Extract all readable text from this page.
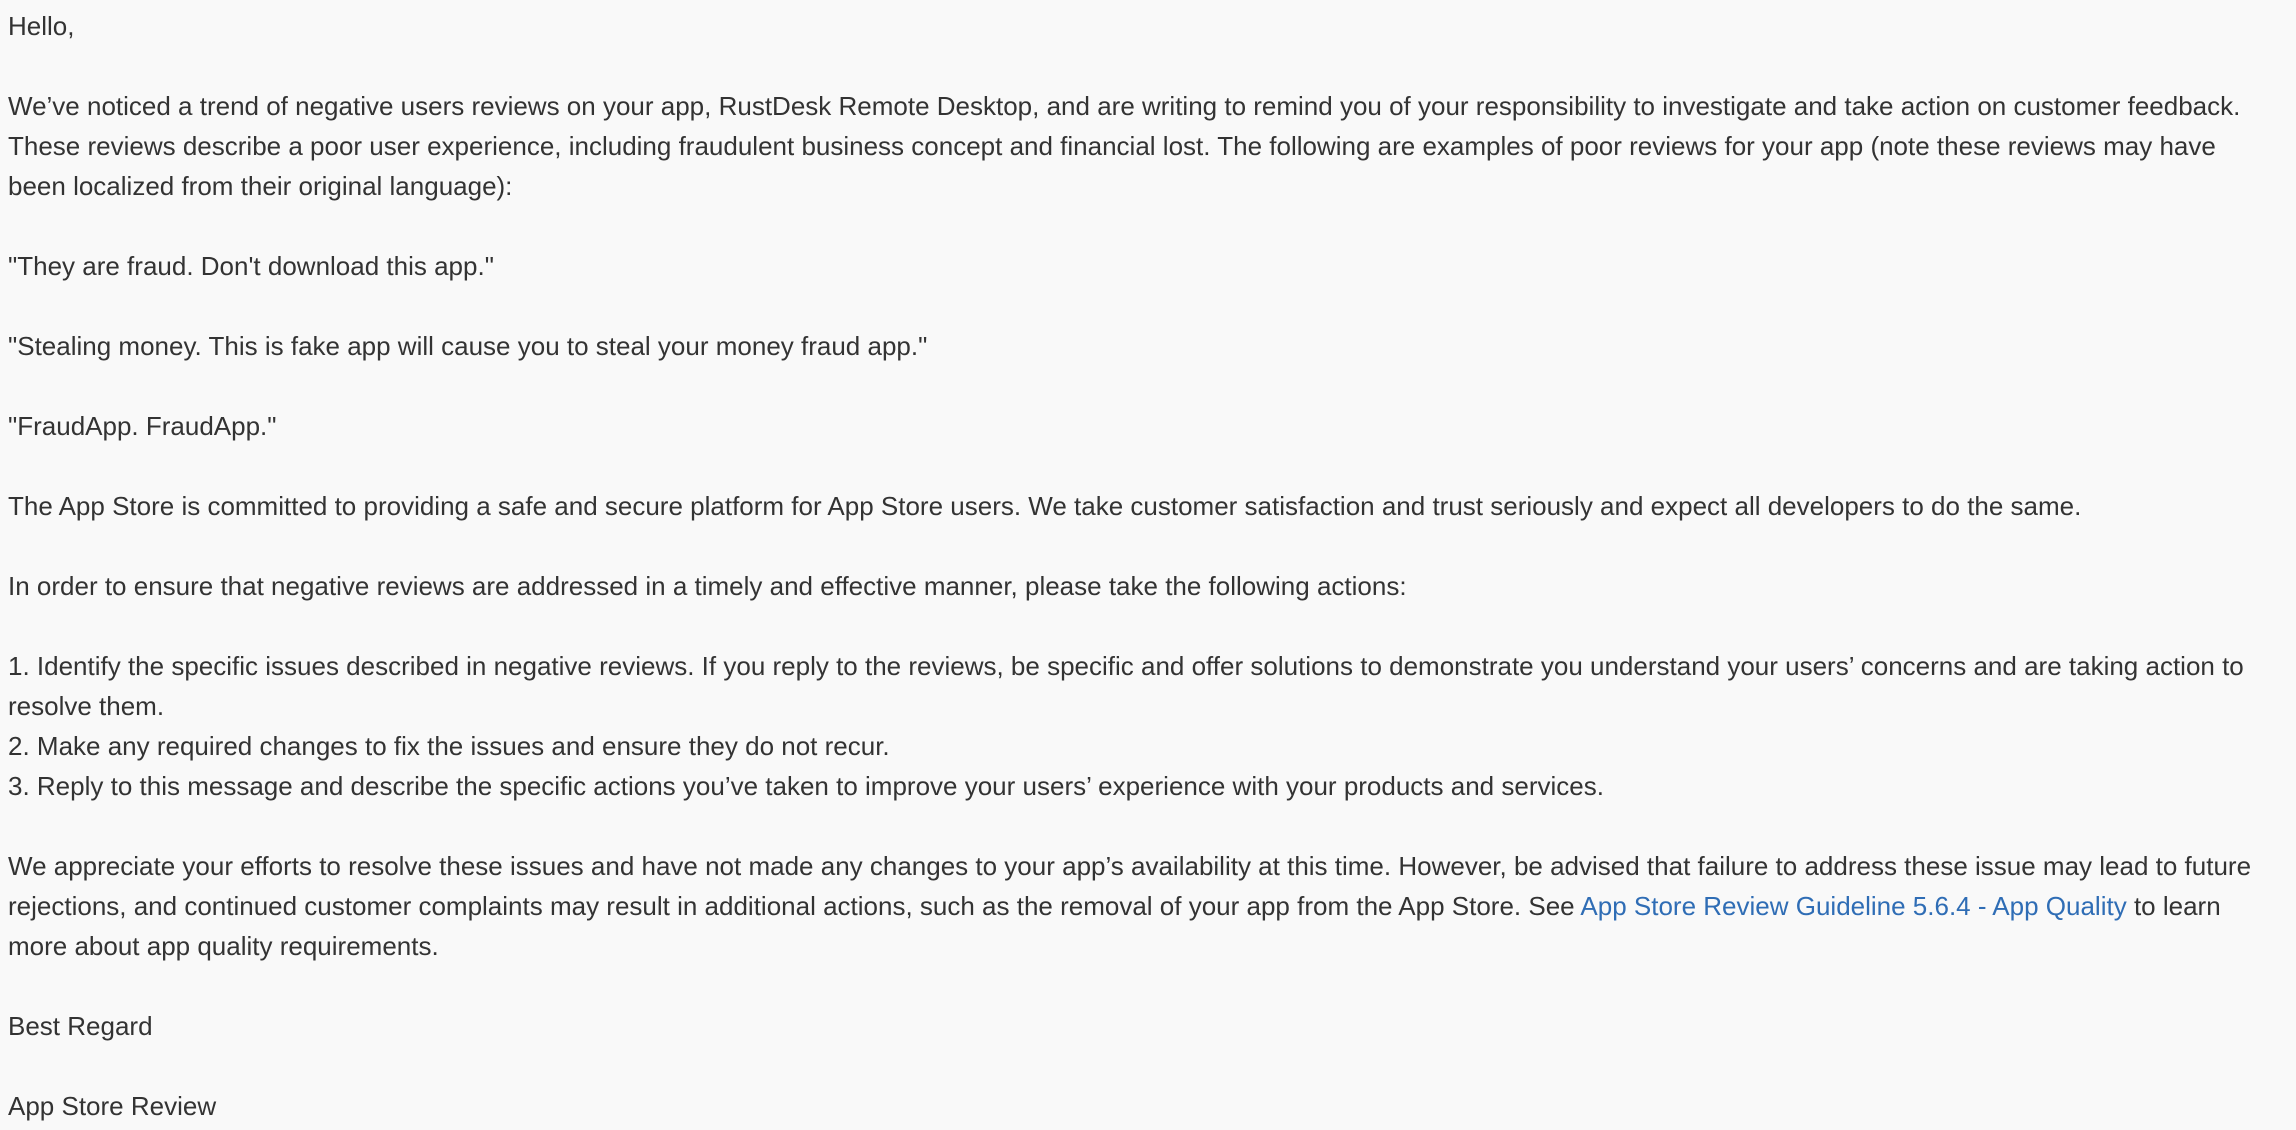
Hello,
We’ve noticed a trend of negative users reviews on your app, RustDesk Remote Desktop, and are writing to remind you of your responsibility to investigate and take action on customer feedback. These reviews describe a poor user experience, including fraudulent business concept and financial lost. The following are examples of poor reviews for your app (note these reviews may have been localized from their original language):
"They are fraud. Don't download this app."
"Stealing money. This is fake app will cause you to steal your money fraud app."
"FraudApp. FraudApp."
The App Store is committed to providing a safe and secure platform for App Store users. We take customer satisfaction and trust seriously and expect all developers to do the same.
In order to ensure that negative reviews are addressed in a timely and effective manner, please take the following actions:
1. Identify the specific issues described in negative reviews. If you reply to the reviews, be specific and offer solutions to demonstrate you understand your users’ concerns and are taking action to resolve them.
2. Make any required changes to fix the issues and ensure they do not recur.
3. Reply to this message and describe the specific actions you’ve taken to improve your users’ experience with your products and services.
We appreciate your efforts to resolve these issues and have not made any changes to your app’s availability at this time. However, be advised that failure to address these issue may lead to future rejections, and continued customer complaints may result in additional actions, such as the removal of your app from the App Store. See App Store Review Guideline 5.6.4 - App Quality to learn more about app quality requirements.
Best Regard
App Store Review
